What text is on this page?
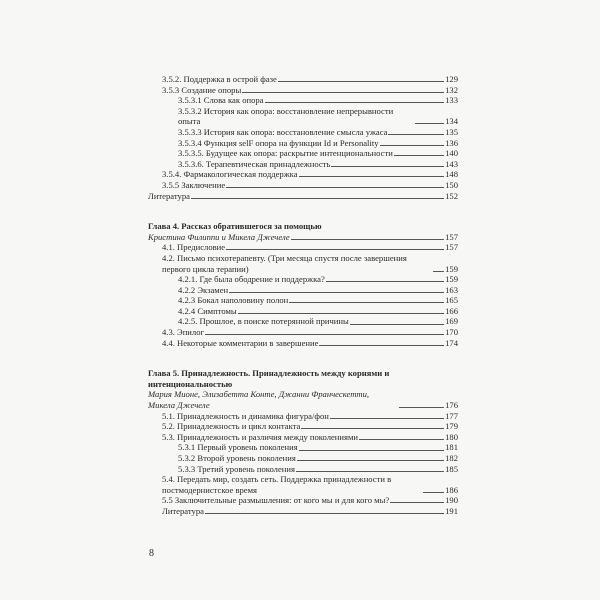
3.5.2. Поддержка в острой фазе	129
3.5.3 Создание опоры	132
3.5.3.1 Слова как опора	133
3.5.3.2 История как опора: восстановление непрерывности опыта	134
3.5.3.3 История как опора: восстановление смысла ужаса	135
3.5.3.4 Функция selF опора на функции Id и Personality	136
3.5.3.5. Будущее как опора: раскрытие интенциональности	140
3.5.3.6. Терапевтическая принадлежность	143
3.5.4. Фармакологическая поддержка	148
3.5.5 Заключение	150
Литература	152
Глава 4. Рассказ обратившегося за помощью
Кристина Филиппи и Микела Джечеле	157
4.1. Предисловие	157
4.2. Письмо психотерапевту. (Три месяца спустя после завершения первого цикла терапии)	159
4.2.1. Где была ободрение и поддержка?	159
4.2.2 Экзамен	163
4.2.3 Бокал наполовину полон	165
4.2.4 Симптомы	166
4.2.5. Прошлое, в поиске потерянной причины	169
4.3. Эпилог	170
4.4. Некоторые комментарии в завершение	174
Глава 5. Принадлежность. Принадлежность между корнями и интенциональностью
Мария Мионе, Элизабетта Конте, Джанни Франческетти, Микела Джечеле	176
5.1. Принадлежность и динамика фигура/фон	177
5.2. Принадлежность и цикл контакта	179
5.3. Принадлежность и различия между поколениями	180
5.3.1 Первый уровень поколения	181
5.3.2 Второй уровень поколения	182
5.3.3 Третий уровень поколения	185
5.4. Передать мир, создать сеть. Поддержка принадлежности в постмодернистское время	186
5.5 Заключительные размышления: от кого мы и для кого мы?	190
Литература	191
8
